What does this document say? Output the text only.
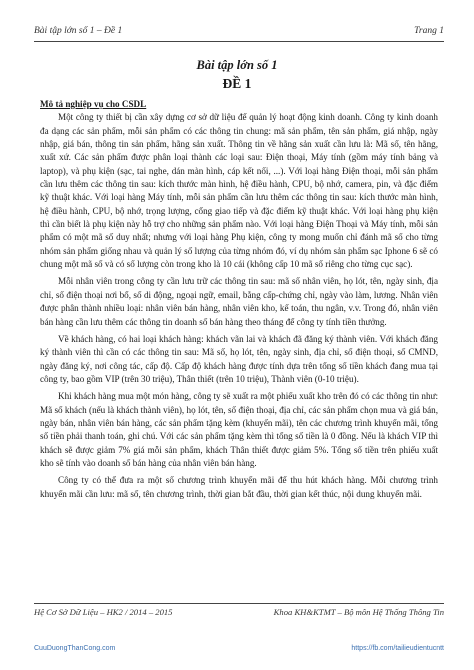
Bài tập lớn số 1 – Đề 1	Trang 1
Bài tập lớn số 1
ĐỀ 1
Mô tả nghiệp vụ cho CSDL

Một công ty thiết bị cần xây dựng cơ sở dữ liệu để quản lý hoạt động kinh doanh. Công ty kinh doanh đa dạng các sản phẩm, mỗi sản phẩm có các thông tin chung: mã sản phẩm, tên sản phẩm, giá nhập, ngày nhập, giá bán, thông tin sản phẩm, hãng sản xuất. Thông tin về hãng sản xuất cần lưu là: Mã số, tên hãng, xuất xứ. Các sản phẩm được phân loại thành các loại sau: Điện thoại, Máy tính (gồm máy tính bảng và laptop), và phụ kiện (sạc, tai nghe, dán màn hình, cáp kết nối, ...). Với loại hàng Điện thoại, mỗi sản phẩm cần lưu thêm các thông tin sau: kích thước màn hình, hệ điều hành, CPU, bộ nhớ, camera, pin, và đặc điểm kỹ thuật khác. Với loại hàng Máy tính, mỗi sản phẩm cần lưu thêm các thông tin sau: kích thước màn hình, hệ điều hành, CPU, bộ nhớ, trọng lượng, cổng giao tiếp và đặc điểm kỹ thuật khác. Với loại hàng phụ kiện thì cần biết là phụ kiện này hỗ trợ cho những sản phẩm nào. Với loại hàng Điện Thoại và Máy tính, mỗi sản phẩm có một mã số duy nhất; nhưng với loại hàng Phụ kiện, công ty mong muốn chỉ đánh mã số cho từng nhóm sản phẩm giống nhau và quản lý số lượng của từng nhóm đó, ví dụ nhóm sản phẩm sạc Iphone 6 sẽ có chung một mã số và có số lượng còn trong kho là 10 cái (không cấp 10 mã số riêng cho từng cục sạc).

Mỗi nhân viên trong công ty cần lưu trữ các thông tin sau: mã số nhân viên, họ lót, tên, ngày sinh, địa chỉ, số điện thoại nơi bổ, số di động, ngoại ngữ, email, bằng cấp-chứng chỉ, ngày vào làm, lương. Nhân viên được phân thành nhiều loại: nhân viên bán hàng, nhân viên kho, kế toán, thu ngân, v.v. Trong đó, nhân viên bán hàng cần lưu thêm các thông tin doanh số bán hàng theo tháng để công ty tính tiền thưởng.

Về khách hàng, có hai loại khách hàng: khách vãn lai và khách đã đăng ký thành viên. Với khách đăng ký thành viên thì cần có các thông tin sau: Mã số, họ lót, tên, ngày sinh, địa chỉ, số điện thoại, số CMND, ngày đăng ký, nơi công tác, cấp độ. Cấp độ khách hàng được tính dựa trên tổng số tiền khách đang mua tại công ty, bao gồm VIP (trên 30 triệu), Thân thiết (trên 10 triệu), Thành viên (0-10 triệu).

Khi khách hàng mua một món hàng, công ty sẽ xuất ra một phiếu xuất kho trên đó có các thông tin như: Mã số khách (nếu là khách thành viên), họ lót, tên, số điện thoại, địa chỉ, các sản phẩm chọn mua và giá bán, ngày bán, nhân viên bán hàng, các sản phẩm tặng kèm (khuyến mãi), tên các chương trình khuyến mãi, tổng số tiền phải thanh toán, ghi chú. Với các sản phẩm tặng kèm thì tổng số tiền là 0 đồng. Nếu là khách VIP thì khách sẽ được giảm 7% giá mỗi sản phẩm, khách Thân thiết được giảm 5%. Tổng số tiền trên phiếu xuất kho sẽ tính vào doanh số bán hàng của nhân viên bán hàng.

Công ty có thể đưa ra một số chương trình khuyến mãi để thu hút khách hàng. Mỗi chương trình khuyến mãi cần lưu: mã số, tên chương trình, thời gian bắt đầu, thời gian kết thúc, nội dung khuyến mãi.

Hệ Cơ Sở Dữ Liệu – HK2 / 2014 – 2015	Khoa KH&KTMT – Bộ môn Hệ Thống Thông Tin
CuuDuongThanCong.com	https://fb.com/tailieudientucntt
